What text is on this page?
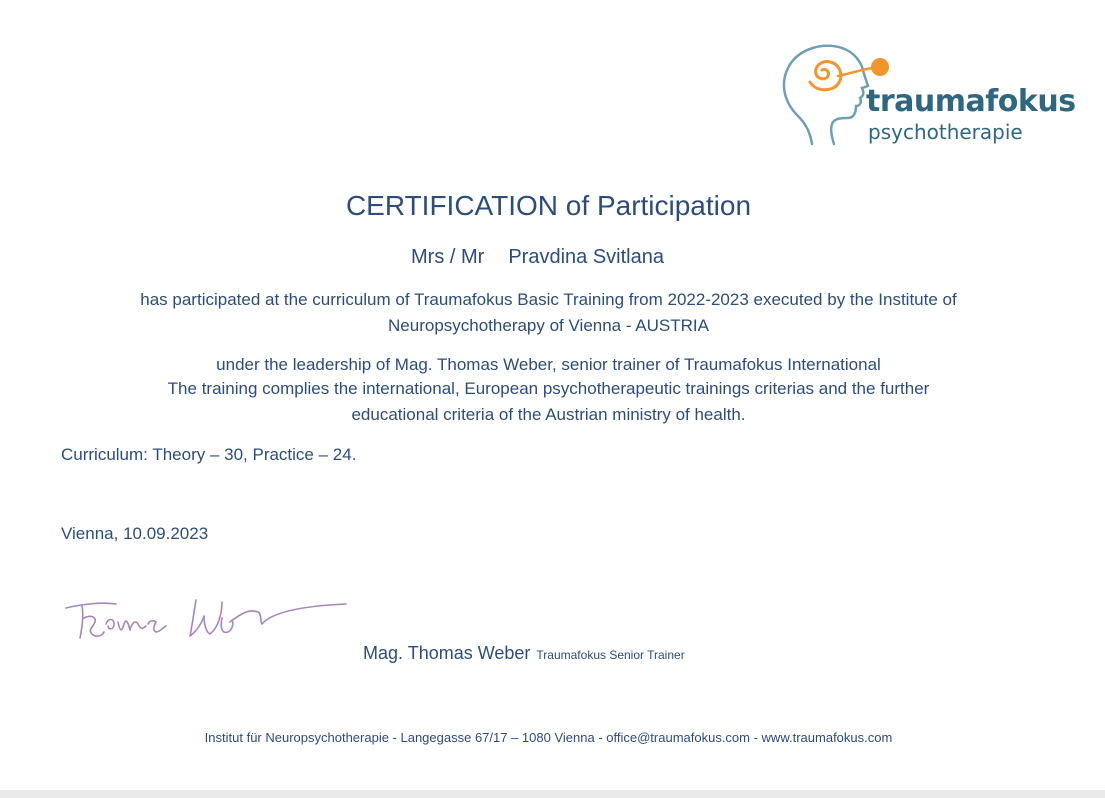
traumafokus
psychotherapie
CERTIFICATION of Participation
Mrs / Mr Pravdina Svitlana
has participated at the curriculum of Traumafokus Basic Training from 2022-2023 executed by the Institute of
Neuropsychotherapy of Vienna - AUSTRIA
under the leadership of Mag. Thomas Weber, senior trainer of Traumafokus International
The training complies the international, European psychotherapeutic trainings criterias and the further
educational criteria of the Austrian ministry of health.
Curriculum: Theory – 30, Practice – 24.
Vienna, 10.09.2023
Mag. Thomas Weber Traumafokus Senior Trainer
Institut für Neuropsychotherapie - Langegasse 67/17 – 1080 Vienna - office@traumafokus.com - www.traumafokus.com
